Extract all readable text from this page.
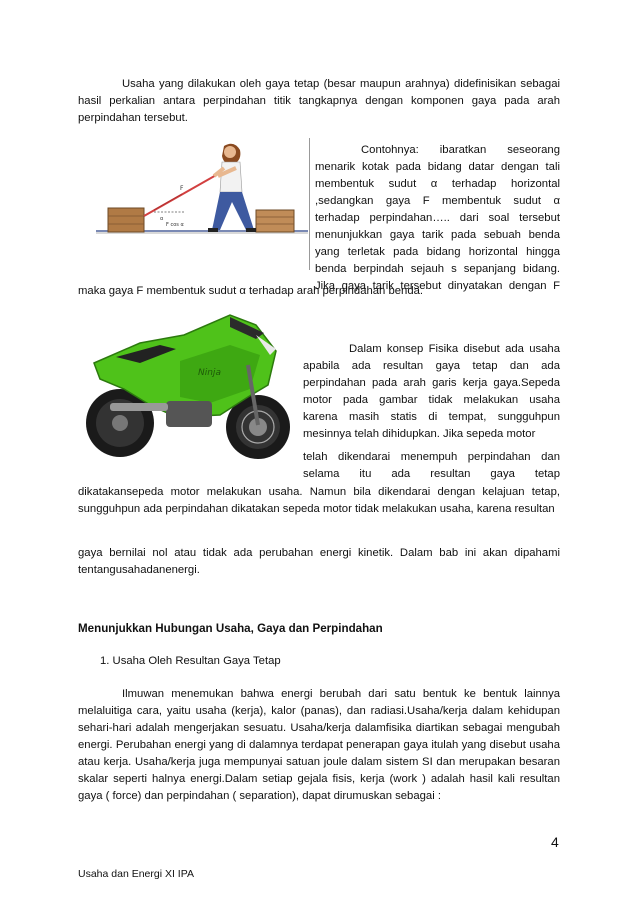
Usaha yang dilakukan oleh gaya tetap (besar maupun arahnya) didefinisikan sebagai hasil perkalian antara perpindahan titik tangkapnya dengan komponen gaya pada arah perpindahan tersebut.
F
α
F cos α
Contohnya: ibaratkan seseorang
menarik kotak pada bidang datar dengan tali
membentuk sudut α terhadap horizontal
,sedangkan gaya F membentuk sudut α
terhadap perpindahan….. dari soal tersebut
menunjukkan gaya tarik pada sebuah benda
yang terletak pada bidang horizontal hingga
benda berpindah sejauh s sepanjang bidang.
Jika gaya tarik tersebut dinyatakan dengan F
maka gaya F membentuk sudut α terhadap arah perpindahan benda.
Ninja
Dalam konsep Fisika disebut ada usaha
apabila ada resultan gaya tetap dan ada
perpindahan pada arah garis kerja gaya.Sepeda
motor pada gambar tidak melakukan usaha
karena masih statis di tempat, sungguhpun
mesinnya telah dihidupkan. Jika sepeda motor
telah dikendarai menempuh perpindahan dan
selama itu ada resultan gaya tetap
dikatakansepeda motor melakukan usaha. Namun bila dikendarai dengan kelajuan tetap, sungguhpun ada perpindahan dikatakan sepeda motor tidak melakukan usaha, karena resultan
gaya bernilai nol atau tidak ada perubahan energi kinetik. Dalam bab ini akan dipahami tentangusahadanenergi.
Menunjukkan Hubungan Usaha, Gaya dan Perpindahan
1. Usaha Oleh Resultan Gaya Tetap
Ilmuwan menemukan bahwa energi berubah dari satu bentuk ke bentuk lainnya melaluitiga cara, yaitu usaha (kerja), kalor (panas), dan radiasi.Usaha/kerja dalam kehidupan sehari-hari adalah mengerjakan sesuatu. Usaha/kerja dalamfisika diartikan sebagai mengubah energi. Perubahan energi yang di dalamnya terdapat penerapan gaya itulah yang disebut usaha atau kerja. Usaha/kerja juga mempunyai satuan joule dalam sistem SI dan merupakan besaran skalar seperti halnya energi.Dalam setiap gejala fisis, kerja (work ) adalah hasil kali resultan gaya ( force) dan perpindahan ( separation), dapat dirumuskan sebagai :
4
Usaha dan Energi XI IPA
